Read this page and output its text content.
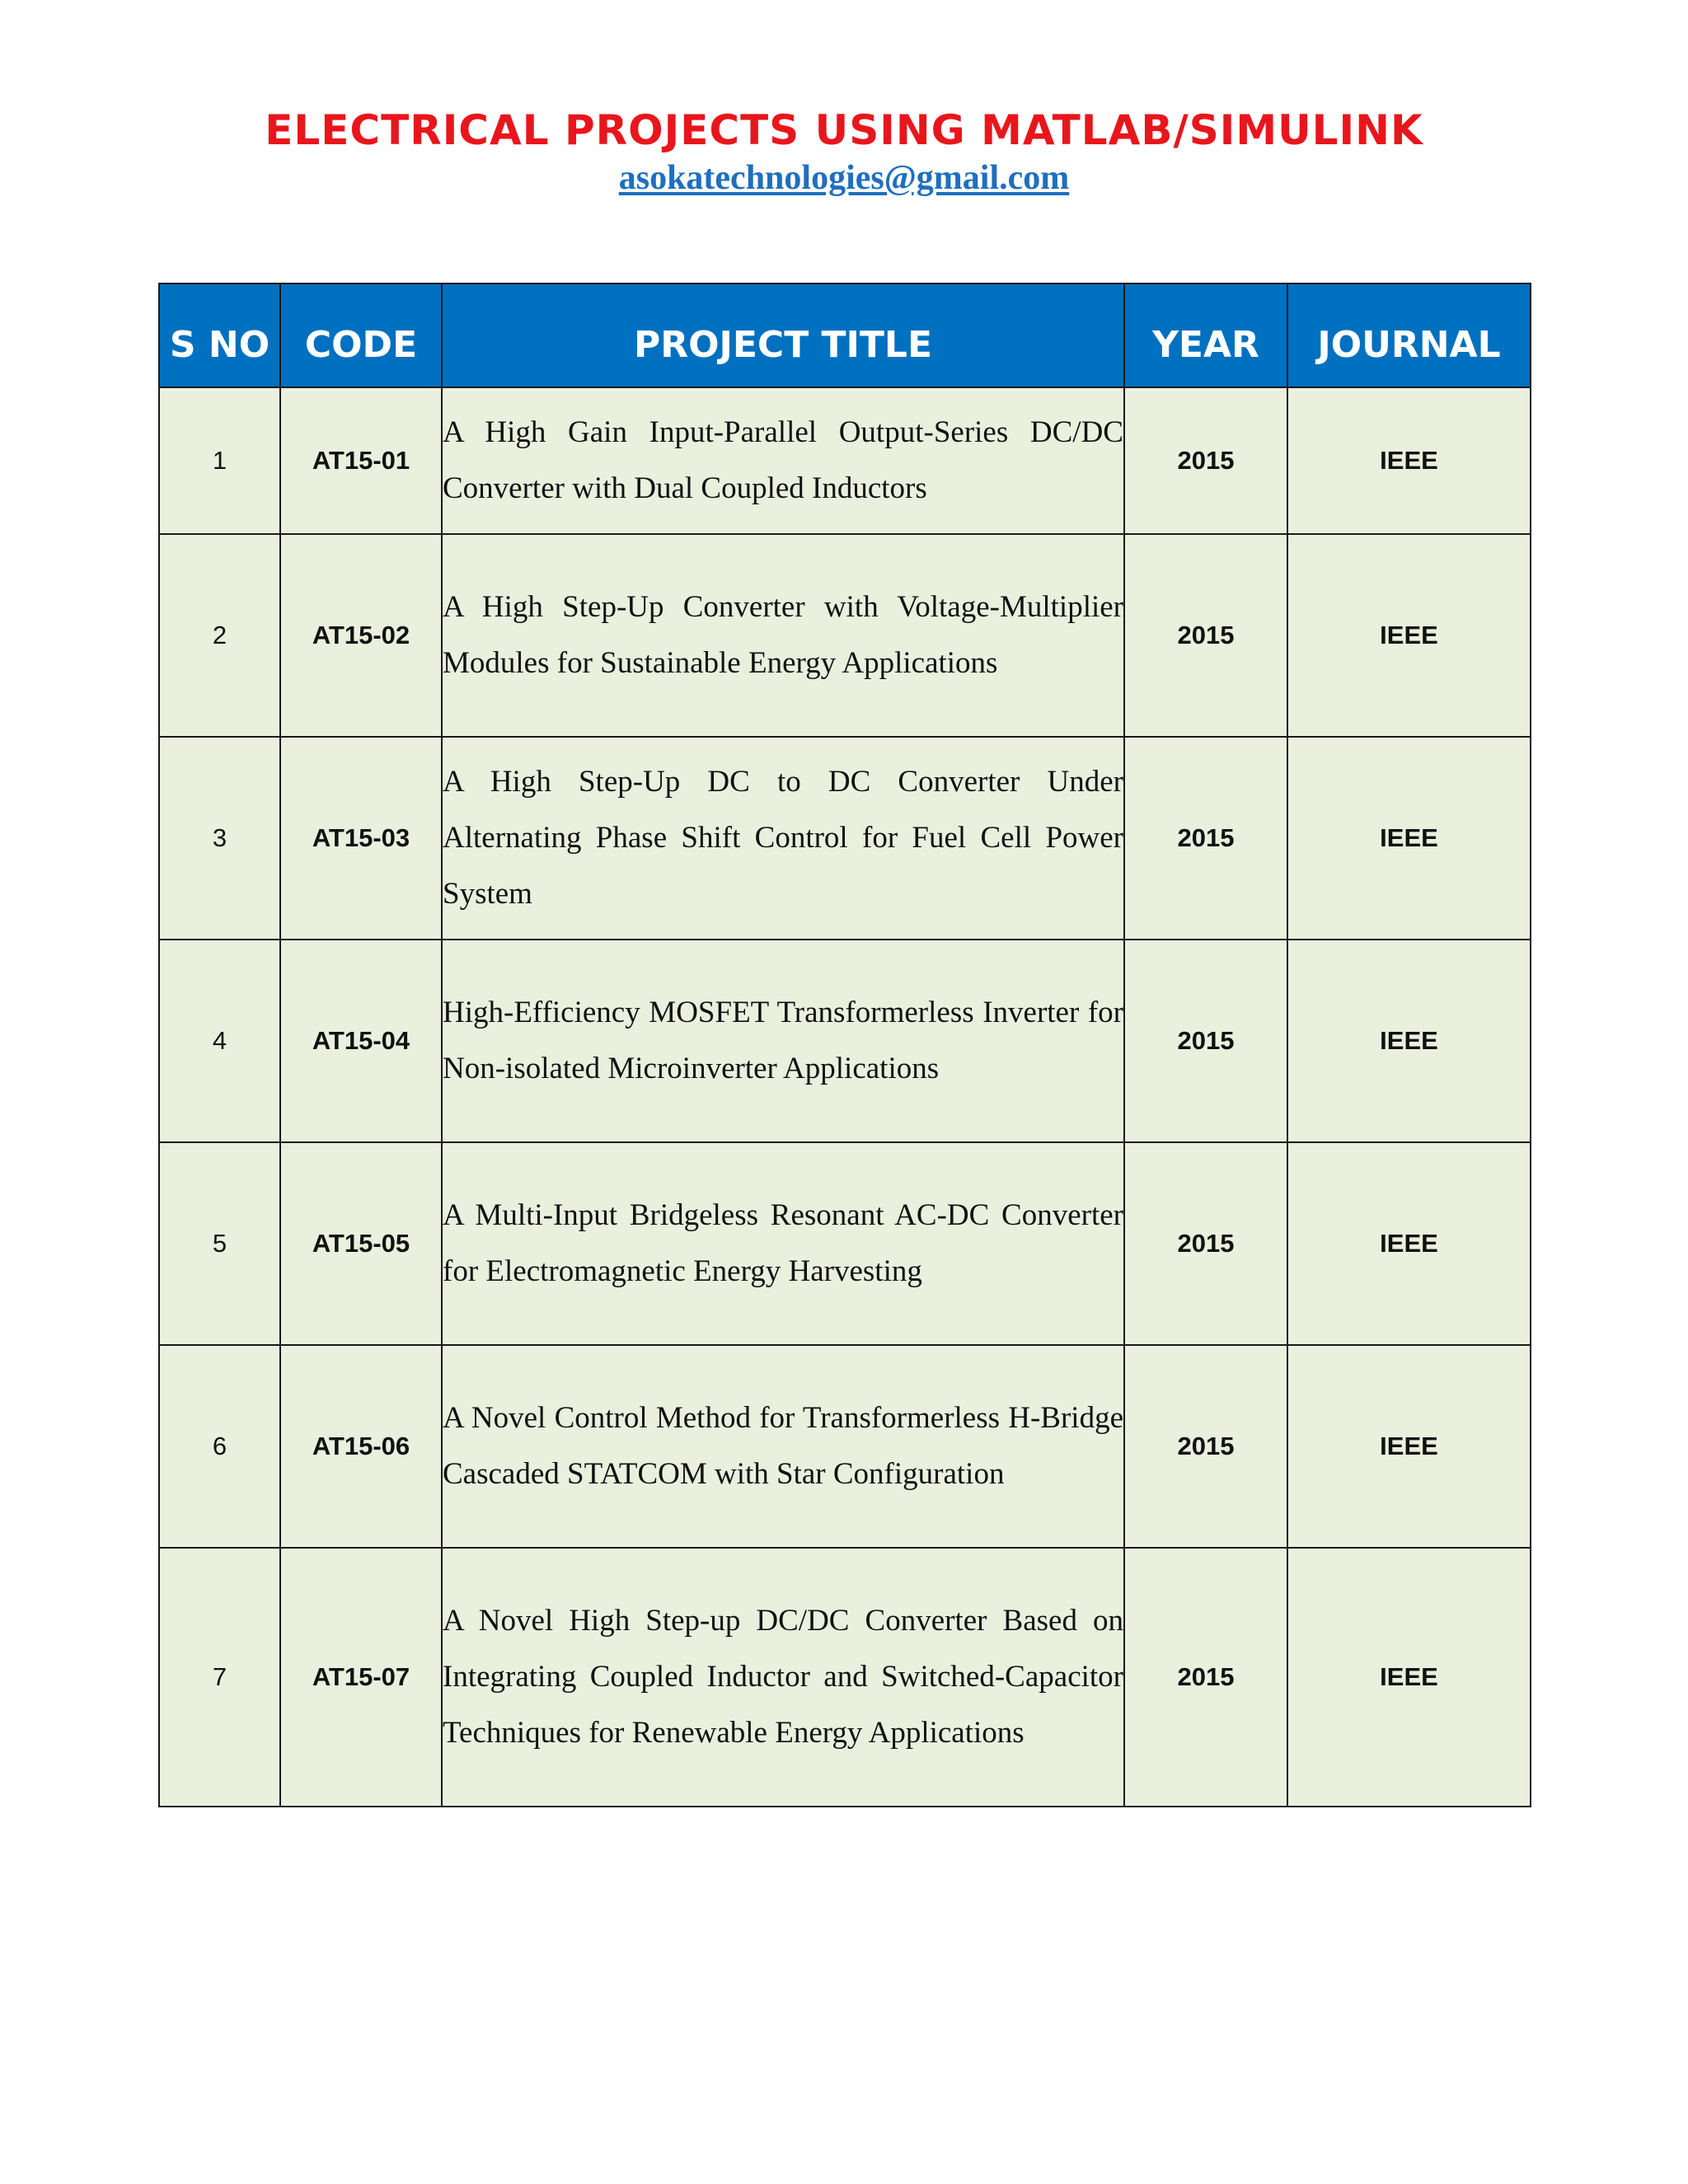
ELECTRICAL PROJECTS USING MATLAB/SIMULINK
asokatechnologies@gmail.com
S NO	CODE	PROJECT TITLE	YEAR	JOURNAL
1	AT15-01	A High Gain Input-Parallel Output-Series DC/DC Converter with Dual Coupled Inductors	2015	IEEE
2	AT15-02	A High Step-Up Converter with Voltage-Multiplier Modules for Sustainable Energy Applications	2015	IEEE
3	AT15-03	A High Step-Up DC to DC Converter Under Alternating Phase Shift Control for Fuel Cell Power System	2015	IEEE
4	AT15-04	High-Efficiency MOSFET Transformerless Inverter for Non-isolated Microinverter Applications	2015	IEEE
5	AT15-05	A Multi-Input Bridgeless Resonant AC-DC Converter for Electromagnetic Energy Harvesting	2015	IEEE
6	AT15-06	A Novel Control Method for Transformerless H-Bridge Cascaded STATCOM with Star Configuration	2015	IEEE
7	AT15-07	A Novel High Step-up DC/DC Converter Based on Integrating Coupled Inductor and Switched-Capacitor Techniques for Renewable Energy Applications	2015	IEEE
